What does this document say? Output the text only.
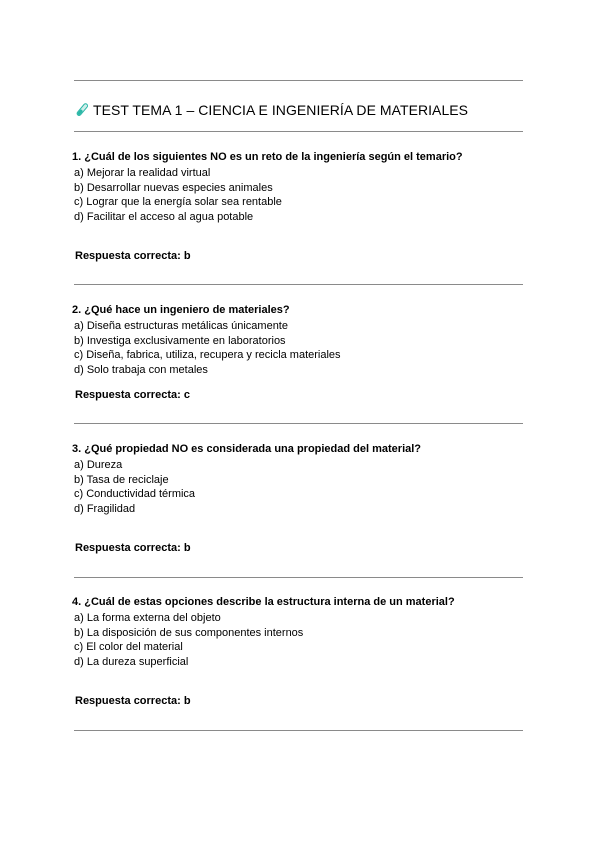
TEST TEMA 1 – CIENCIA E INGENIERÍA DE MATERIALES

1. ¿Cuál de los siguientes NO es un reto de la ingeniería según el temario?

a) Mejorar la realidad virtual
b) Desarrollar nuevas especies animales
c) Lograr que la energía solar sea rentable
d) Facilitar el acceso al agua potable
Respuesta correcta: b

2. ¿Qué hace un ingeniero de materiales?

a) Diseña estructuras metálicas únicamente
b) Investiga exclusivamente en laboratorios
c) Diseña, fabrica, utiliza, recupera y recicla materiales
d) Solo trabaja con metales
Respuesta correcta: c

3. ¿Qué propiedad NO es considerada una propiedad del material?

a) Dureza
b) Tasa de reciclaje
c) Conductividad térmica
d) Fragilidad
Respuesta correcta: b

4. ¿Cuál de estas opciones describe la estructura interna de un material?

a) La forma externa del objeto
b) La disposición de sus componentes internos
c) El color del material
d) La dureza superficial
Respuesta correcta: b
